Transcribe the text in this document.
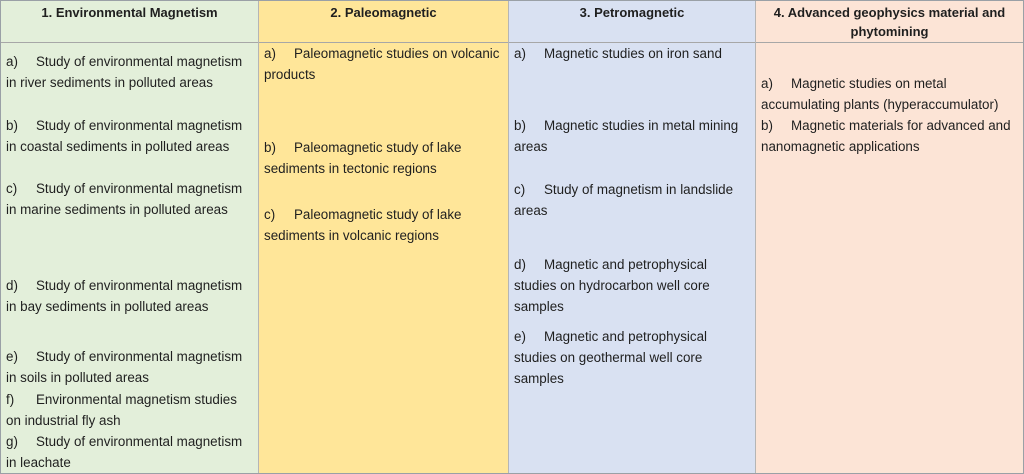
1. Environmental Magnetism
a) Study of environmental magnetism in river sediments in polluted areas
b) Study of environmental magnetism in coastal sediments in polluted areas
c) Study of environmental magnetism in marine sediments in polluted areas
d) Study of environmental magnetism in bay sediments in polluted areas
e) Study of environmental magnetism in soils in polluted areas
f) Environmental magnetism studies on industrial fly ash
g) Study of environmental magnetism in leachate
2. Paleomagnetic
a) Paleomagnetic studies on volcanic products
b) Paleomagnetic study of lake sediments in tectonic regions
c) Paleomagnetic study of lake sediments in volcanic regions
3. Petromagnetic
a) Magnetic studies on iron sand
b) Magnetic studies in metal mining areas
c) Study of magnetism in landslide areas
d) Magnetic and petrophysical studies on hydrocarbon well core samples
e) Magnetic and petrophysical studies on geothermal well core samples
4. Advanced geophysics material and phytomining
a) Magnetic studies on metal accumulating plants (hyperaccumulator)
b) Magnetic materials for advanced and nanomagnetic applications
